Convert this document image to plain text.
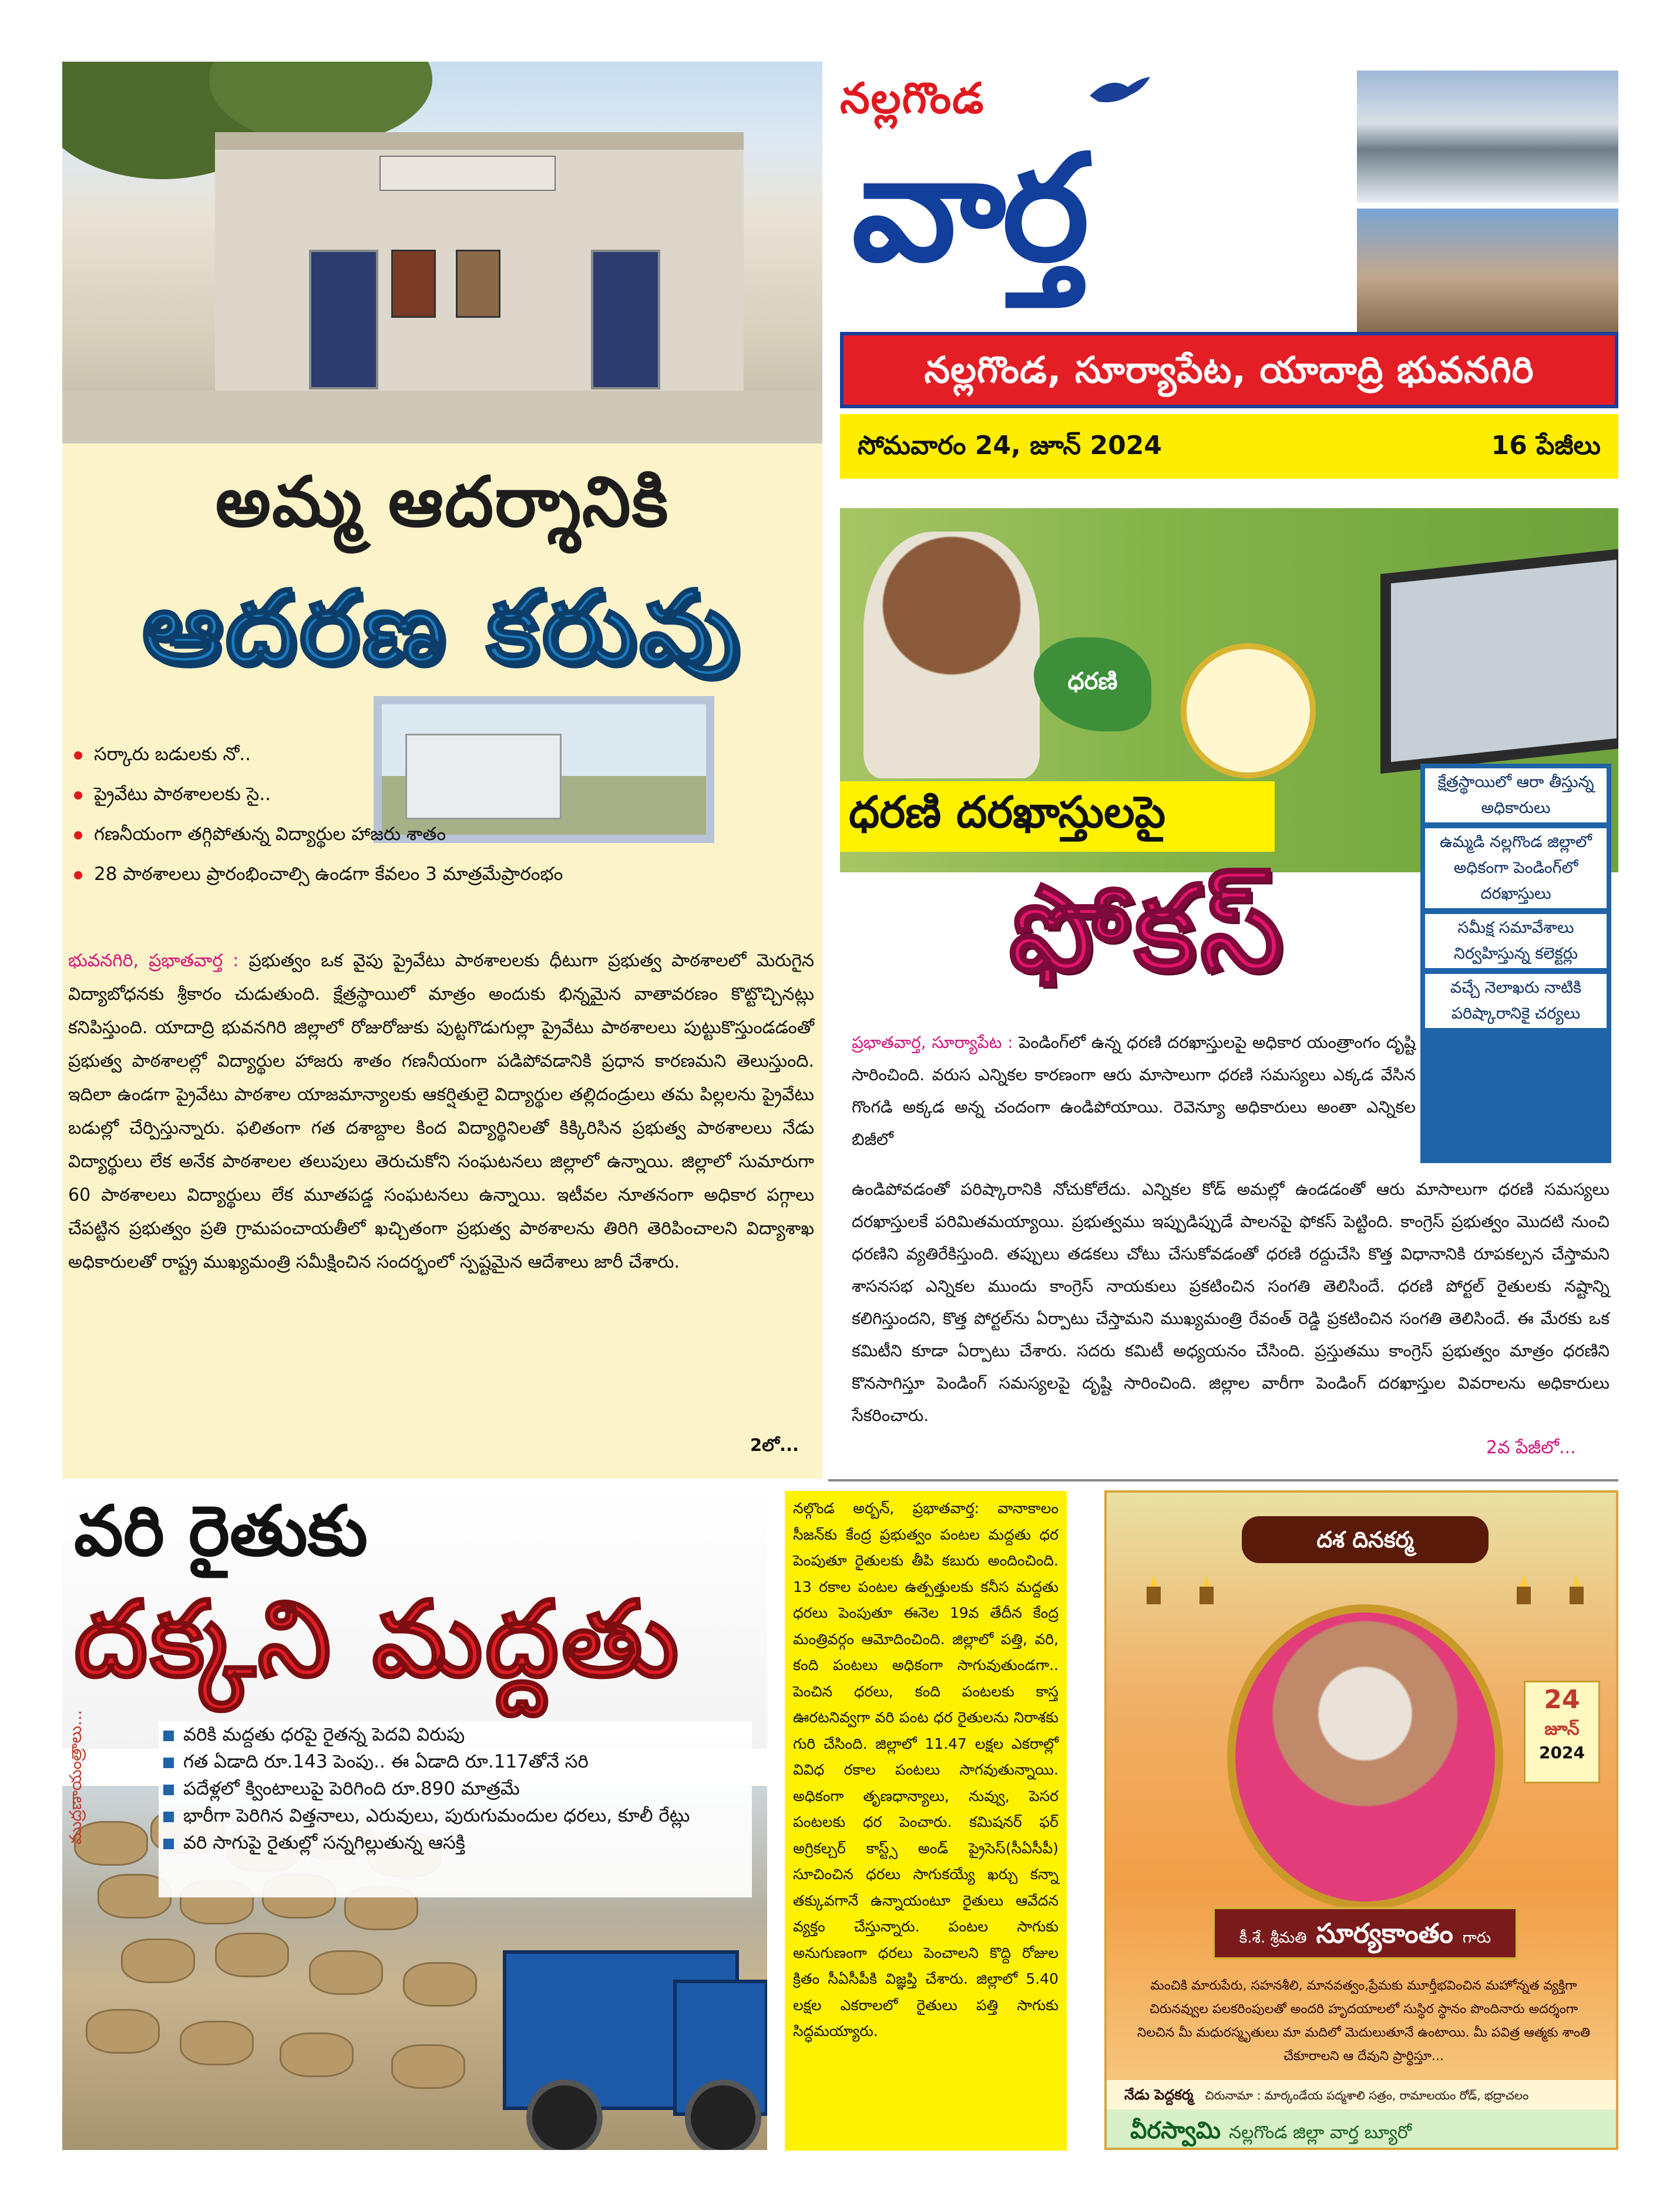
అమ్మ ఆదర్శానికి
ఆదరణ కరువు
సర్కారు బడులకు నో..
ప్రైవేటు పాఠశాలలకు సై..
గణనీయంగా తగ్గిపోతున్న విద్యార్థుల హాజరు శాతం
28 పాఠశాలలు ప్రారంభించాల్సి ఉండగా కేవలం 3 మాత్రమేప్రారంభం
భువనగిరి, ప్రభాతవార్త : ప్రభుత్వం ఒక వైపు ప్రైవేటు పాఠశాలలకు ధీటుగా ప్రభుత్వ పాఠశాలలో మెరుగైన విద్యాబోధనకు శ్రీకారం చుడుతుంది. క్షేత్రస్థాయిలో మాత్రం అందుకు భిన్నమైన వాతావరణం కొట్టొచ్చినట్లు కనిపిస్తుంది. యాదాద్రి భువనగిరి జిల్లాలో రోజురోజుకు పుట్టగొడుగుల్లా ప్రైవేటు పాఠశాలలు పుట్టుకొస్తుండడంతో ప్రభుత్వ పాఠశాలల్లో విద్యార్థుల హాజరు శాతం గణనీయంగా పడిపోవడానికి ప్రధాన కారణమని తెలుస్తుంది. ఇదిలా ఉండగా ప్రైవేటు పాఠశాల యాజమాన్యాలకు ఆకర్షితులై విద్యార్థుల తల్లిదండ్రులు తమ పిల్లలను ప్రైవేటు బడుల్లో చేర్పిస్తున్నారు. ఫలితంగా గత దశాబ్దాల కింద విద్యార్థినిలతో కిక్కిరిసిన ప్రభుత్వ పాఠశాలలు నేడు విద్యార్థులు లేక అనేక పాఠశాలల తలుపులు తెరుచుకోని సంఘటనలు జిల్లాలో ఉన్నాయి. జిల్లాలో సుమారుగా 60 పాఠశాలలు విద్యార్థులు లేక మూతపడ్డ సంఘటనలు ఉన్నాయి. ఇటీవల నూతనంగా అధికార పగ్గాలు చేపట్టిన ప్రభుత్వం ప్రతి గ్రామపంచాయతీలో ఖచ్చితంగా ప్రభుత్వ పాఠశాలను తిరిగి తెరిపించాలని విద్యాశాఖ అధికారులతో రాష్ట్ర ముఖ్యమంత్రి సమీక్షించిన సందర్భంలో స్పష్టమైన ఆదేశాలు జారీ చేశారు.
2లో...
నల్లగొండ
వార్త
నల్లగొండ, సూర్యాపేట, యాదాద్రి భువనగిరి
సోమవారం 24, జూన్ 2024	16 పేజీలు
ధరణి
ధరణి దరఖాస్తులపై
ఫోకస్
క్షేత్రస్థాయిలో ఆరా తీస్తున్న అధికారులు
ఉమ్మడి నల్లగొండ జిల్లాలో అధికంగా పెండింగ్‌లో దరఖాస్తులు
సమీక్ష సమావేశాలు నిర్వహిస్తున్న కలెక్టర్లు
వచ్చే నెలాఖరు నాటికి పరిష్కారానికై చర్యలు
ప్రభాతవార్త, సూర్యాపేట : పెండింగ్‌లో ఉన్న ధరణి దరఖాస్తులపై అధికార యంత్రాంగం దృష్టి సారించింది. వరుస ఎన్నికల కారణంగా ఆరు మాసాలుగా ధరణి సమస్యలు ఎక్కడ వేసిన గొంగడి అక్కడ అన్న చందంగా ఉండిపోయాయి. రెవెన్యూ అధికారులు అంతా ఎన్నికల బిజీలో
ఉండిపోవడంతో పరిష్కారానికి నోచుకోలేదు. ఎన్నికల కోడ్ అమల్లో ఉండడంతో ఆరు మాసాలుగా ధరణి సమస్యలు దరఖాస్తులకే పరిమితమయ్యాయి. ప్రభుత్వము ఇప్పుడిప్పుడే పాలనపై ఫోకస్ పెట్టింది. కాంగ్రెస్ ప్రభుత్వం మొదటి నుంచి ధరణిని వ్యతిరేకిస్తుంది. తప్పులు తడకలు చోటు చేసుకోవడంతో ధరణి రద్దుచేసి కొత్త విధానానికి రూపకల్పన చేస్తామని శాసనసభ ఎన్నికల ముందు కాంగ్రెస్ నాయకులు ప్రకటించిన సంగతి తెలిసిందే. ధరణి పోర్టల్ రైతులకు నష్టాన్ని కలిగిస్తుందని, కొత్త పోర్టల్‌ను ఏర్పాటు చేస్తామని ముఖ్యమంత్రి రేవంత్ రెడ్డి ప్రకటించిన సంగతి తెలిసిందే. ఈ మేరకు ఒక కమిటీని కూడా ఏర్పాటు చేశారు. సదరు కమిటీ అధ్యయనం చేసింది. ప్రస్తుతము కాంగ్రెస్ ప్రభుత్వం మాత్రం ధరణిని కొనసాగిస్తూ పెండింగ్ సమస్యలపై దృష్టి సారించింది. జిల్లాల వారీగా పెండింగ్ దరఖాస్తుల వివరాలను అధికారులు సేకరించారు.
2వ పేజీలో...
వరి రైతుకు
దక్కని మద్దతు
ముద్రణాయంత్రాలు...	వరికి మద్దతు ధరపై రైతన్న పెదవి విరుపు
గత ఏడాది రూ.143 పెంపు.. ఈ ఏడాది రూ.117తోనే సరి
పదేళ్లలో క్వింటాలుపై పెరిగింది రూ.890 మాత్రమే
భారీగా పెరిగిన విత్తనాలు, ఎరువులు, పురుగుమందుల ధరలు, కూలీ రేట్లు
వరి సాగుపై రైతుల్లో సన్నగిల్లుతున్న ఆసక్తి
నల్గొండ అర్బన్, ప్రభాతవార్త: వానాకాలం సీజన్‌కు కేంద్ర ప్రభుత్వం పంటల మద్దతు ధర పెంపుతూ రైతులకు తీపి కబురు అందించింది. 13 రకాల పంటల ఉత్పత్తులకు కనీస మద్దతు ధరలు పెంపుతూ ఈనెల 19వ తేదీన కేంద్ర మంత్రివర్గం ఆమోదించింది. జిల్లాలో పత్తి, వరి, కంది పంటలు అధికంగా సాగువుతుండగా.. పెంచిన ధరలు, కంది పంటలకు కాస్త ఊరటనివ్వగా వరి పంట ధర రైతులను నిరాశకు గురి చేసింది. జిల్లాలో 11.47 లక్షల ఎకరాల్లో వివిధ రకాల పంటలు సాగవుతున్నాయి. అధికంగా తృణధాన్యాలు, నువ్వు, పెసర పంటలకు ధర పెంచారు. కమిషనర్ ఫర్ అగ్రికల్చర్ కాస్ట్స్ అండ్ ప్రైసెస్(సీఏసీపీ) సూచించిన ధరలు సాగుకయ్యే ఖర్చు కన్నా తక్కువగానే ఉన్నాయంటూ రైతులు ఆవేదన వ్యక్తం చేస్తున్నారు. పంటల సాగుకు అనుగుణంగా ధరలు పెంచాలని కొద్ది రోజుల క్రితం సీఏసీపీకి విజ్ఞప్తి చేశారు. జిల్లాలో 5.40 లక్షల ఎకరాలలో రైతులు పత్తి సాగుకు సిద్ధమయ్యారు.
దశ దినకర్మ
24
జూన్
2024
కీ.శే. శ్రీమతి సూర్యకాంతం గారు
మంచికి మారుపేరు, సహనశీలి, మానవత్వం,ప్రేమకు మూర్తీభవించిన మహోన్నత వ్యక్తిగా చిరునవ్వుల పలకరింపులతో అందరి హృదయాలలో సుస్థిర స్థానం పొందినారు అదర్శంగా నిలచిన మీ మధురస్మృతులు మా మదిలో మెదులుతూనే ఉంటాయి. మీ పవిత్ర ఆత్మకు శాంతి చేకూరాలని ఆ దేవుని ప్రార్థిస్తూ...
నేడు పెద్దకర్మ చిరునామా : మార్కండేయ పద్మశాలి సత్రం, రామాలయం రోడ్, భద్రాచలం
వీరస్వామి నల్లగొండ జిల్లా వార్త బ్యూరో
